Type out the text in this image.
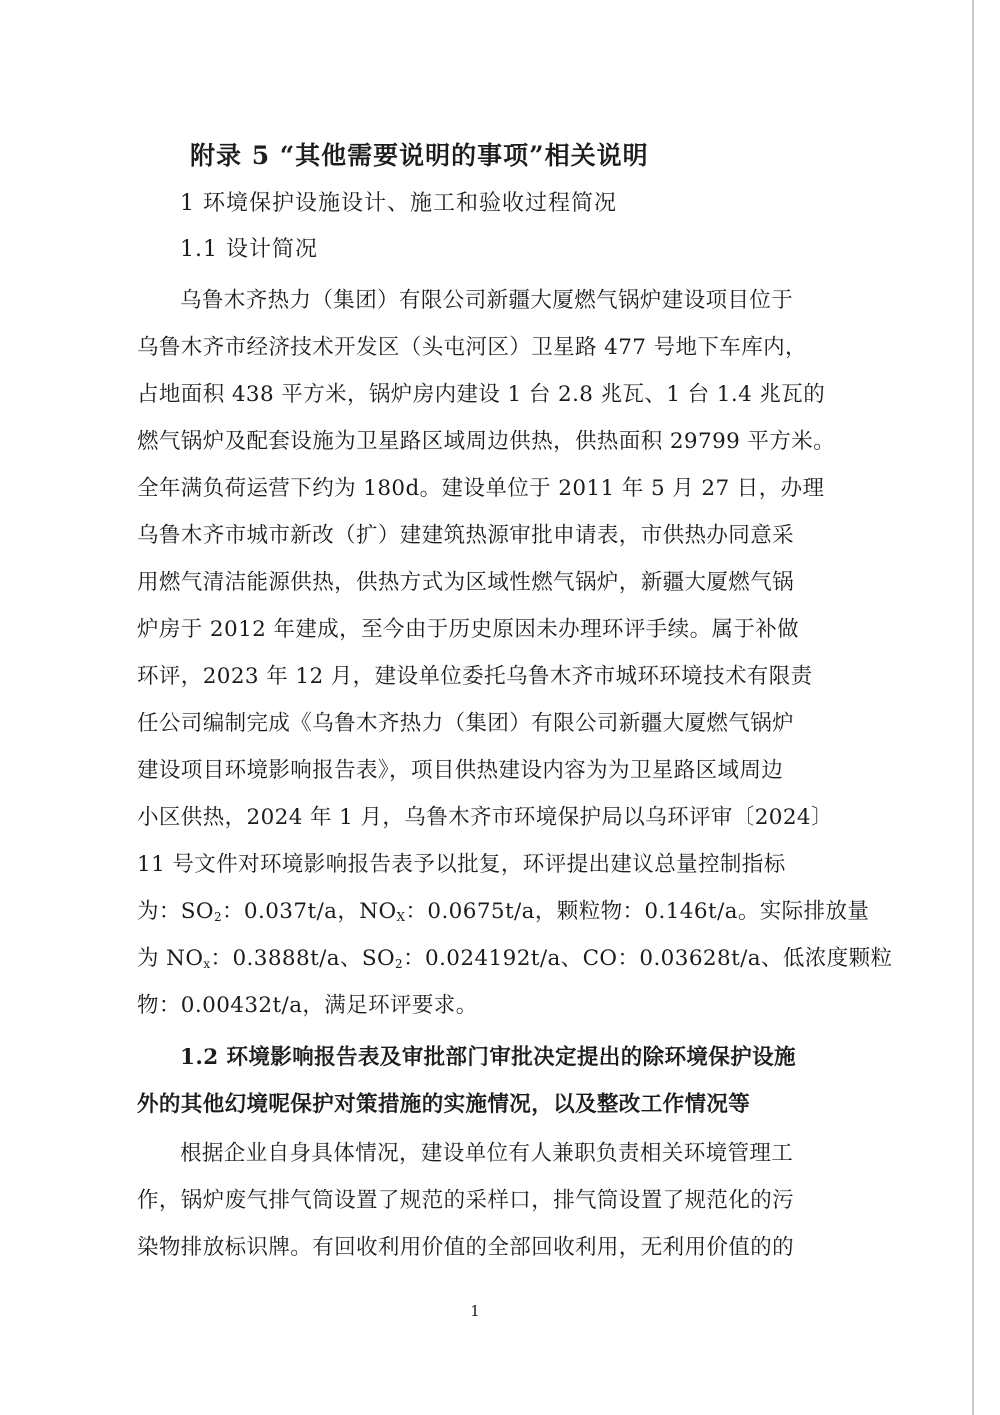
附录 5 “其他需要说明的事项”相关说明
1 环境保护设施设计、施工和验收过程简况
1.1 设计简况
乌鲁木齐热力（集团）有限公司新疆大厦燃气锅炉建设项目位于
乌鲁木齐市经济技术开发区（头屯河区）卫星路 477 号地下车库内，
占地面积 438 平方米，锅炉房内建设 1 台 2.8 兆瓦、1 台 1.4 兆瓦的
燃气锅炉及配套设施为卫星路区域周边供热，供热面积 29799 平方米。
全年满负荷运营下约为 180d。建设单位于 2011 年 5 月 27 日，办理
乌鲁木齐市城市新改（扩）建建筑热源审批申请表，市供热办同意采
用燃气清洁能源供热，供热方式为区域性燃气锅炉，新疆大厦燃气锅
炉房于 2012 年建成，至今由于历史原因未办理环评手续。属于补做
环评，2023 年 12 月，建设单位委托乌鲁木齐市城环环境技术有限责
任公司编制完成《乌鲁木齐热力（集团）有限公司新疆大厦燃气锅炉
建设项目环境影响报告表》，项目供热建设内容为为卫星路区域周边
小区供热，2024 年 1 月，乌鲁木齐市环境保护局以乌环评审〔2024〕
11 号文件对环境影响报告表予以批复，环评提出建议总量控制指标
为：$SO_2$：0.037t/a，$NO_X$：0.0675t/a，颗粒物：0.146t/a。实际排放量
为 $NO_x$：0.3888t/a、$SO_2$：0.024192t/a、CO：0.03628t/a、低浓度颗粒
物：0.00432t/a，满足环评要求。
1.2 环境影响报告表及审批部门审批决定提出的除环境保护设施
外的其他幻境呢保护对策措施的实施情况，以及整改工作情况等
根据企业自身具体情况，建设单位有人兼职负责相关环境管理工
作，锅炉废气排气筒设置了规范的采样口，排气筒设置了规范化的污
染物排放标识牌。有回收利用价值的全部回收利用，无利用价值的的
1
